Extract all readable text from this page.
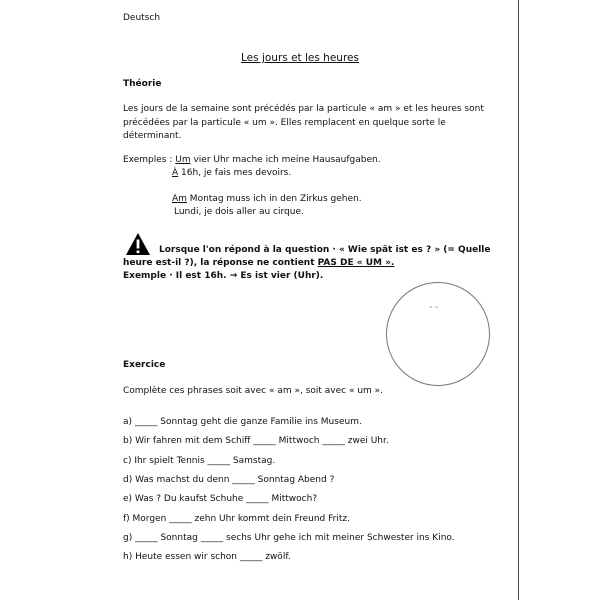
Deutsch
Les jours et les heures
Théorie
Les jours de la semaine sont précédés par la particule « am » et les heures sont précédées par la particule « um ». Elles remplacent en quelque sorte le déterminant.
Exemples : Um vier Uhr mache ich meine Hausaufgaben.
À 16h, je fais mes devoirs.
Am Montag muss ich in den Zirkus gehen.
Lundi, je dois aller au cirque.
Lorsque l'on répond à la question · « Wie spät ist es ? » (= Quelle
heure est-il ?), la réponse ne contient PAS DE « UM ».
Exemple · Il est 16h. → Es ist vier (Uhr).
˘ ˘
Exercice
Complète ces phrases soit avec « am », soit avec « um ».
a) _____ Sonntag geht die ganze Familie ins Museum.
b) Wir fahren mit dem Schiff _____ Mittwoch _____ zwei Uhr.
c) Ihr spielt Tennis _____ Samstag.
d) Was machst du denn _____ Sonntag Abend ?
e) Was ? Du kaufst Schuhe _____ Mittwoch?
f) Morgen _____ zehn Uhr kommt dein Freund Fritz.
g) _____ Sonntag _____ sechs Uhr gehe ich mit meiner Schwester ins Kino.
h) Heute essen wir schon _____ zwölf.
